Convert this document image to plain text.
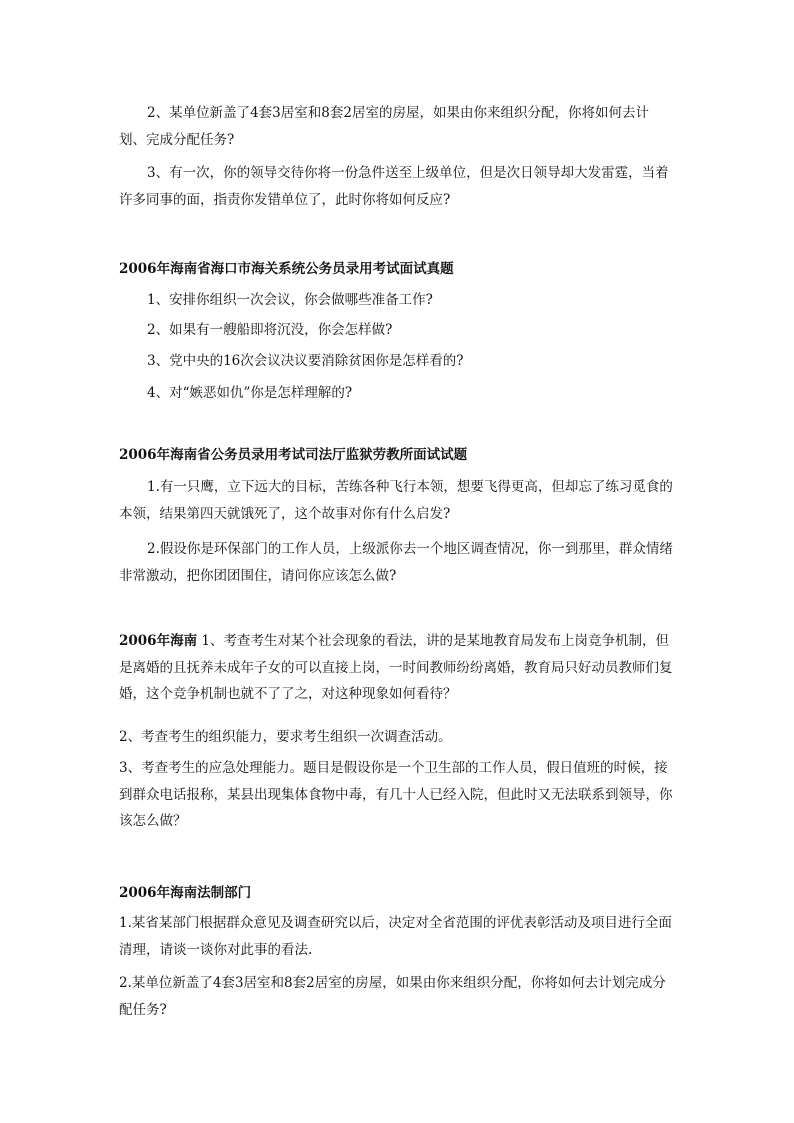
2、某单位新盖了4套3居室和8套2居室的房屋，如果由你来组织分配，你将如何去计划、完成分配任务?

3、有一次，你的领导交待你将一份急件送至上级单位，但是次日领导却大发雷霆，当着许多同事的面，指责你发错单位了，此时你将如何反应?

2006年海南省海口市海关系统公务员录用考试面试真题

1、安排你组织一次会议，你会做哪些准备工作?

2、如果有一艘船即将沉没，你会怎样做?

3、党中央的16次会议决议要消除贫困你是怎样看的?

4、对“嫉恶如仇”你是怎样理解的?

2006年海南省公务员录用考试司法厅监狱劳教所面试试题

1.有一只鹰，立下远大的目标，苦练各种飞行本领，想要飞得更高，但却忘了练习觅食的本领，结果第四天就饿死了，这个故事对你有什么启发?

2.假设你是环保部门的工作人员，上级派你去一个地区调查情况，你一到那里，群众情绪非常激动，把你团团围住，请问你应该怎么做?

2006年海南 1、考查考生对某个社会现象的看法，讲的是某地教育局发布上岗竞争机制，但是离婚的且抚养未成年子女的可以直接上岗，一时间教师纷纷离婚，教育局只好动员教师们复婚，这个竞争机制也就不了了之，对这种现象如何看待？

2、考查考生的组织能力，要求考生组织一次调查活动。

3、考查考生的应急处理能力。题目是假设你是一个卫生部的工作人员，假日值班的时候，接到群众电话报称，某县出现集体食物中毒，有几十人已经入院，但此时又无法联系到领导，你该怎么做？

2006年海南法制部门

1.某省某部门根据群众意见及调查研究以后，决定对全省范围的评优表彰活动及项目进行全面清理，请谈一谈你对此事的看法.

2.某单位新盖了4套3居室和8套2居室的房屋，如果由你来组织分配，你将如何去计划完成分配任务?
